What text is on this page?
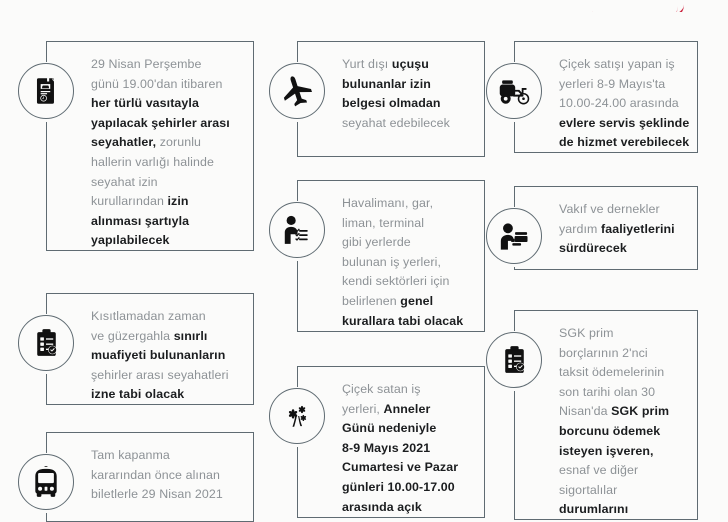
29 Nisan Perşembe
günü 19.00'dan itibaren
her türlü vasıtayla
yapılacak şehirler arası
seyahatler, zorunlu
hallerin varlığı halinde
seyahat izin
kurullarından izin
alınması şartıyla
yapılabilecek
Kısıtlamadan zaman
ve güzergahla sınırlı
muafiyeti bulunanların
şehirler arası seyahatleri
izne tabi olacak
Tam kapanma
kararından önce alınan
biletlerle 29 Nisan 2021
Yurt dışı uçuşu
bulunanlar izin
belgesi olmadan
seyahat edebilecek
Havalimanı, gar,
liman, terminal
gibi yerlerde
bulunan iş yerleri,
kendi sektörleri için
belirlenen genel
kurallara tabi olacak
Çiçek satan iş
yerleri, Anneler
Günü nedeniyle
8-9 Mayıs 2021
Cumartesi ve Pazar
günleri 10.00-17.00
arasında açık
Çiçek satışı yapan iş
yerleri 8-9 Mayıs'ta
10.00-24.00 arasında
evlere servis şeklinde
de hizmet verebilecek
Vakıf ve dernekler
yardım faaliyetlerini
sürdürecek
SGK prim
borçlarının 2'nci
taksit ödemelerinin
son tarihi olan 30
Nisan'da SGK prim
borcunu ödemek
isteyen işveren,
esnaf ve diğer
sigortalılar
durumlarını
